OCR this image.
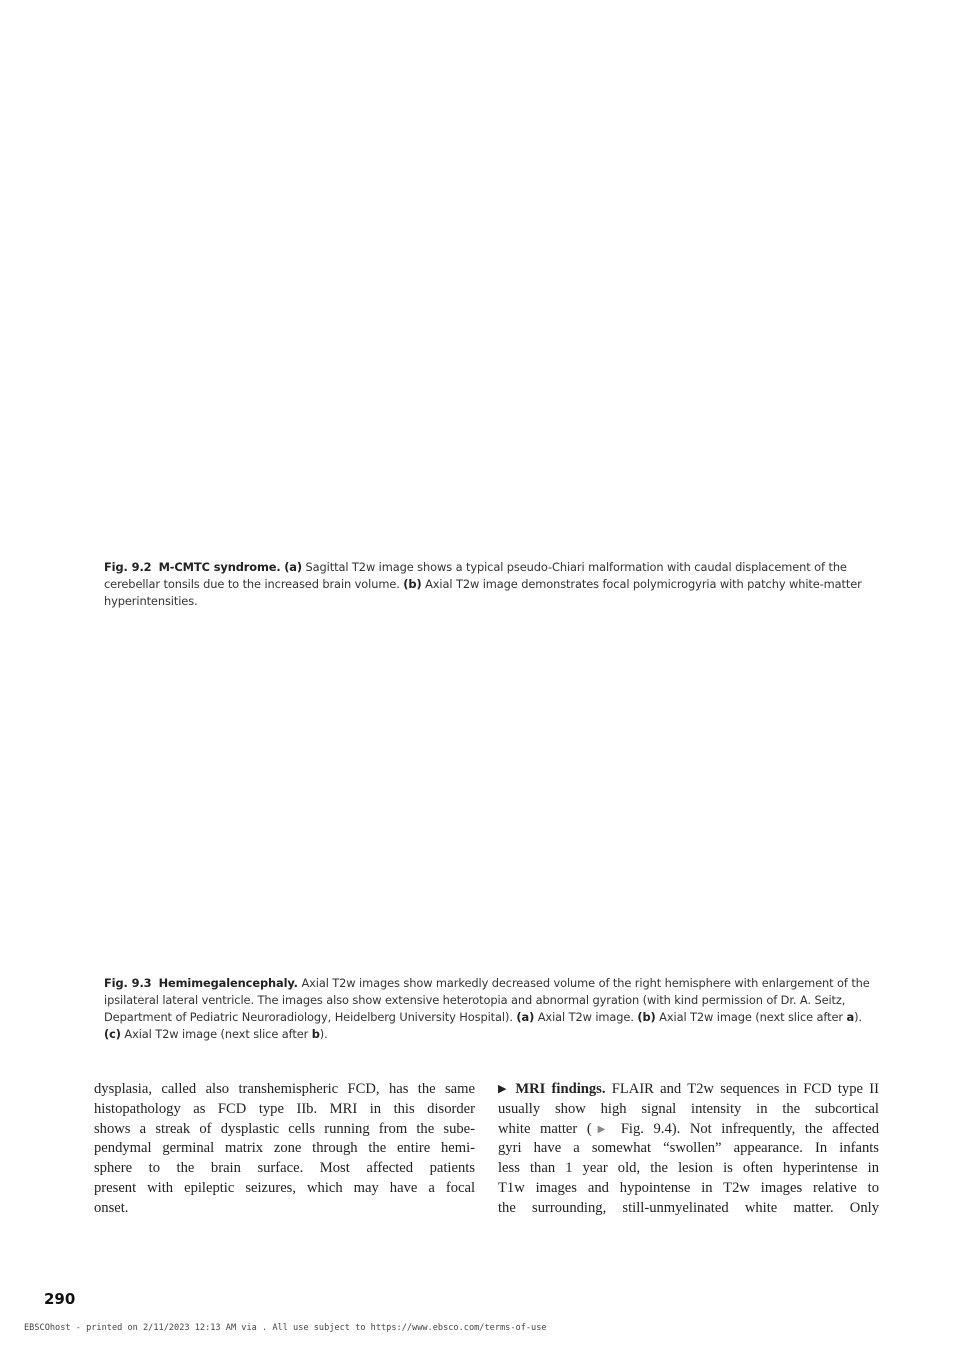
Fig. 9.2 M-CMTC syndrome. (a) Sagittal T2w image shows a typical pseudo-Chiari malformation with caudal displacement of the cerebellar tonsils due to the increased brain volume. (b) Axial T2w image demonstrates focal polymicrogyria with patchy white-matter hyperintensities.
Fig. 9.3 Hemimegalencephaly. Axial T2w images show markedly decreased volume of the right hemisphere with enlargement of the ipsilateral lateral ventricle. The images also show extensive heterotopia and abnormal gyration (with kind permission of Dr. A. Seitz, Department of Pediatric Neuroradiology, Heidelberg University Hospital). (a) Axial T2w image. (b) Axial T2w image (next slice after a).
(c) Axial T2w image (next slice after b).
dysplasia, called also transhemispheric FCD, has the same
histopathology as FCD type IIb. MRI in this disorder
shows a streak of dysplastic cells running from the sube-
pendymal germinal matrix zone through the entire hemi-
sphere to the brain surface. Most affected patients
present with epileptic seizures, which may have a focal
onset.
▶ MRI findings. FLAIR and T2w sequences in FCD type II
usually show high signal intensity in the subcortical
white matter (▶ Fig. 9.4). Not infrequently, the affected
gyri have a somewhat “swollen” appearance. In infants
less than 1 year old, the lesion is often hyperintense in
T1w images and hypointense in T2w images relative to
the surrounding, still-unmyelinated white matter. Only
290
EBSCOhost - printed on 2/11/2023 12:13 AM via . All use subject to https://www.ebsco.com/terms-of-use
